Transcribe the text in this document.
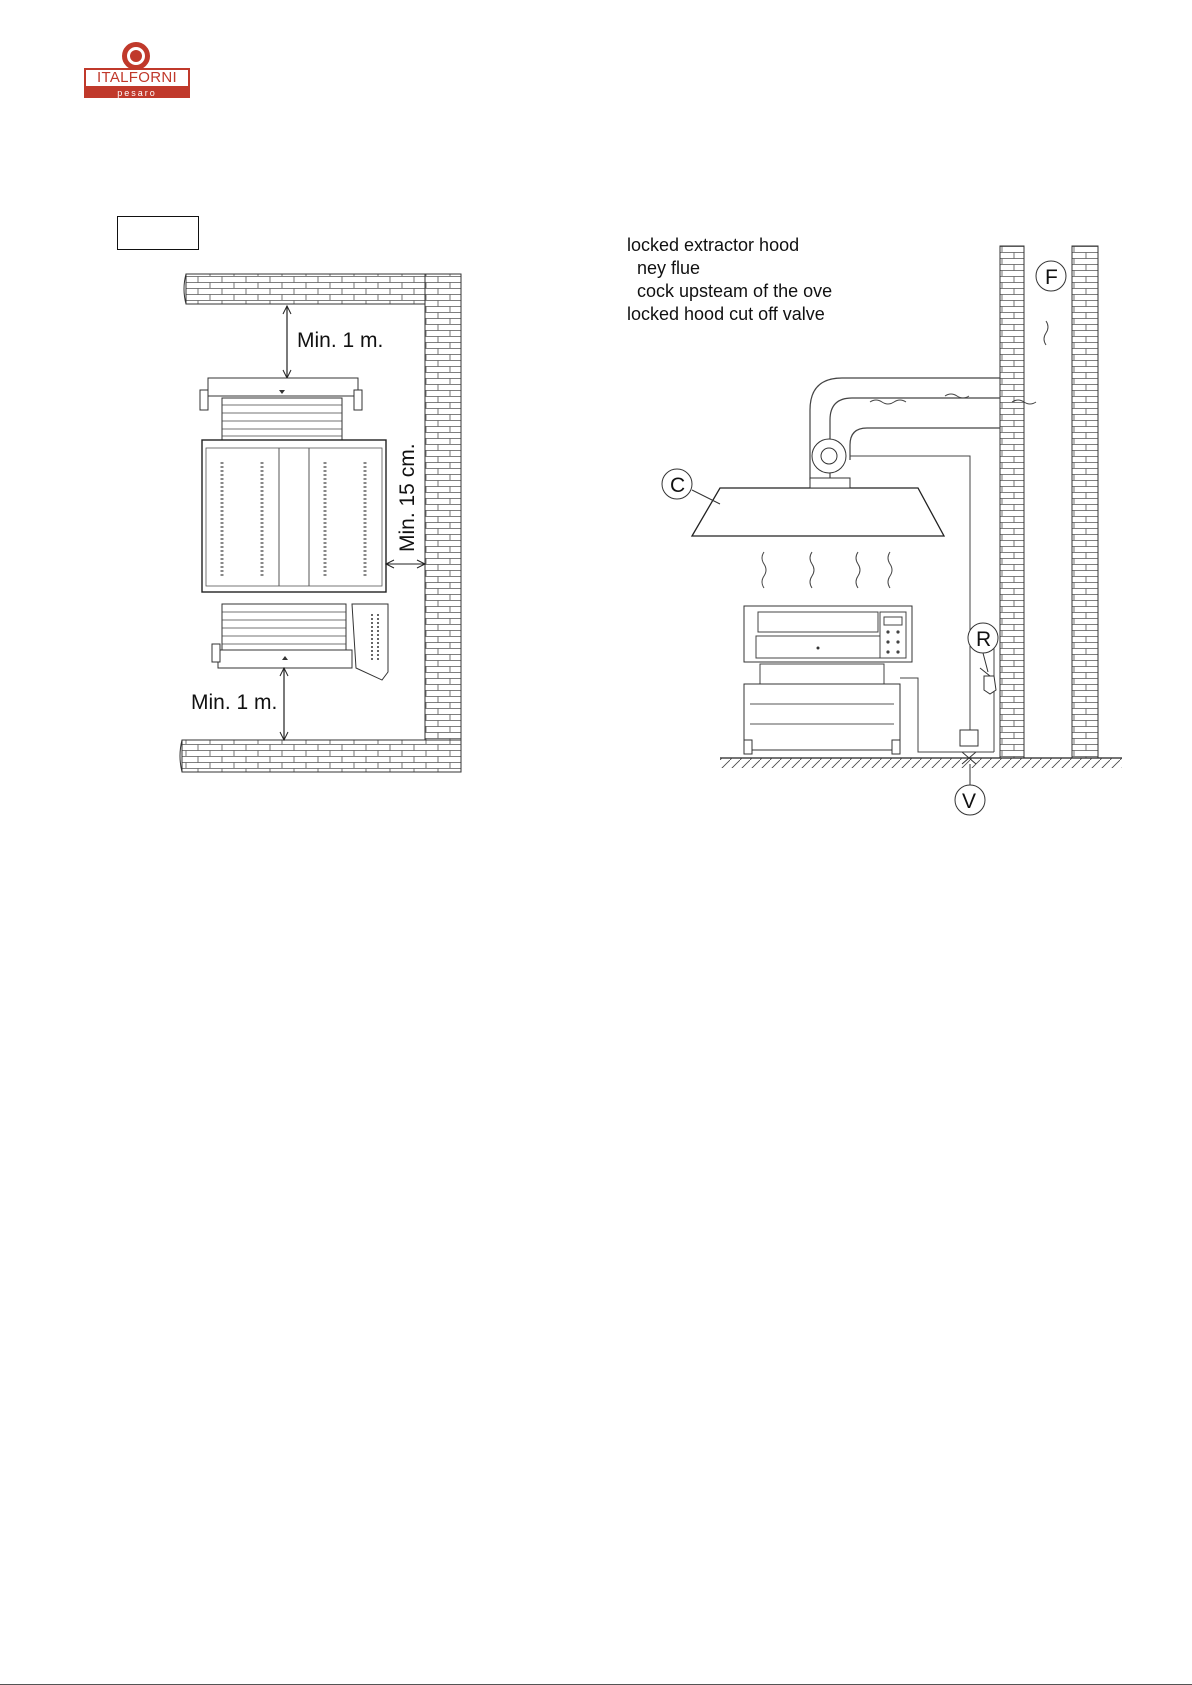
ITALFORNI
pesaro
locked extractor hood
ney flue
cock upsteam of the ove
locked hood cut off valve
Min. 1 m.
Min. 15 cm.
Min. 1 m.
C
F
R
V
